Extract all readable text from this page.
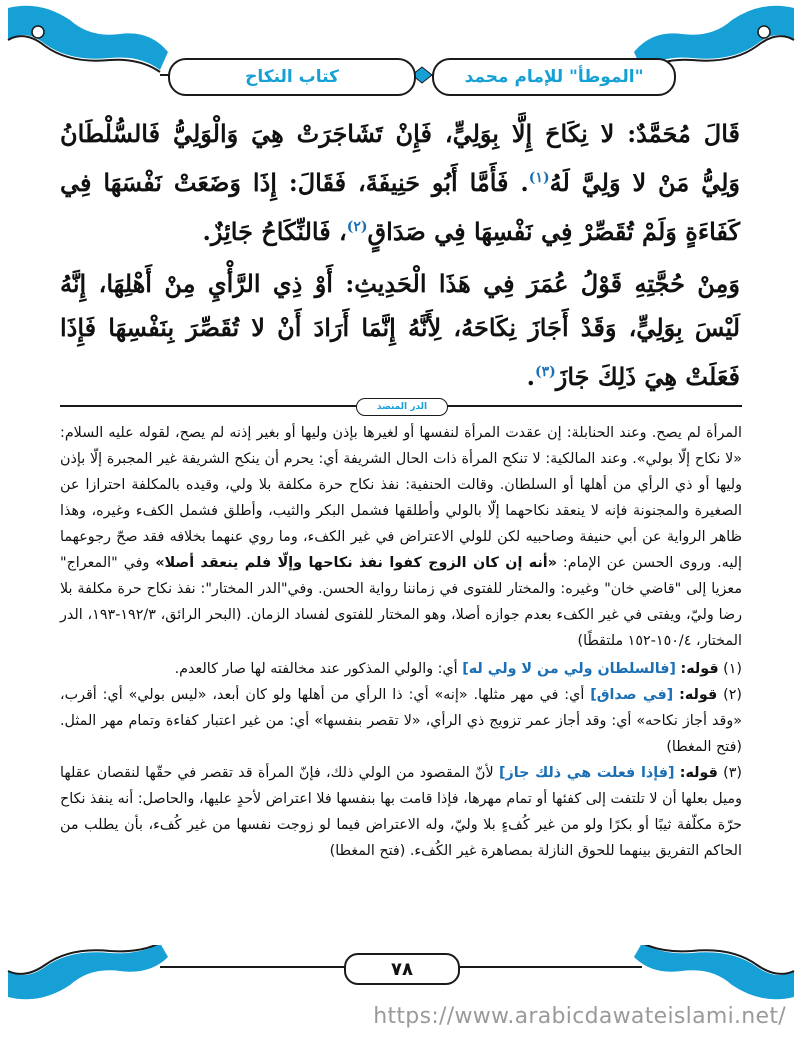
كتاب النكاح	"الموطأ" للإمام محمد

قَالَ مُحَمَّدٌ: لا نِكَاحَ إِلَّا بِوَلِيٍّ، فَإِنْ تَشَاجَرَتْ هِيَ وَالْوَلِيُّ فَالسُّلْطَانُ وَلِيُّ مَنْ لا وَلِيَّ لَهُ$^{(١)}$. فَأَمَّا أَبُو حَنِيفَةَ، فَقَالَ: إِذَا وَضَعَتْ نَفْسَهَا فِي كَفَاءَةٍ وَلَمْ تُقَصِّرْ فِي نَفْسِهَا فِي صَدَاقٍ$^{(٢)}$، فَالنِّكَاحُ جَائِزٌ.

وَمِنْ حُجَّتِهِ قَوْلُ عُمَرَ فِي هَذَا الْحَدِيثِ: أَوْ ذِي الرَّأْيِ مِنْ أَهْلِهَا، إِنَّهُ لَيْسَ بِوَلِيٍّ، وَقَدْ أَجَازَ نِكَاحَهُ، لِأَنَّهُ إِنَّمَا أَرَادَ أَنْ لا تُقَصِّرَ بِنَفْسِهَا فَإِذَا فَعَلَتْ هِيَ ذَلِكَ جَازَ$^{(٣)}$.

الدر المنضد

المرأة لم يصح. وعند الحنابلة: إن عقدت المرأة لنفسها أو لغيرها بإذن وليها أو بغير إذنه لم يصح، لقوله عليه السلام: «لا نكاح إلّا بولي». وعند المالكية: لا تنكح المرأة ذات الحال الشريفة أي: يحرم أن ينكح الشريفة غير المجبرة إلّا بإذن وليها أو ذي الرأي من أهلها أو السلطان. وقالت الحنفية: نفذ نكاح حرة مكلفة بلا ولي، وقيده بالمكلفة احترازا عن الصغيرة والمجنونة فإنه لا ينعقد نكاحهما إلّا بالولي وأطلقها فشمل البكر والثيب، وأطلق فشمل الكفء وغيره، وهذا ظاهر الرواية عن أبي حنيفة وصاحبيه لكن للولي الاعتراض في غير الكفء، وما روي عنهما بخلافه فقد صحّ رجوعهما إليه. وروى الحسن عن الإمام: «أنه إن كان الزوج كفوا نفذ نكاحها وإلّا فلم ينعقد أصلا» وفي "المعراج" معزيا إلى "قاضي خان" وغيره: والمختار للفتوى في زماننا رواية الحسن. وفي"الدر المختار": نفذ نكاح حرة مكلفة بلا رضا وليّ، ويفتى في غير الكفء بعدم جوازه أصلا، وهو المختار للفتوى لفساد الزمان. (البحر الرائق، ١٩٢/٣-١٩٣، الدر المختار، ١٥٠/٤-١٥٢ ملتقطًا)

(١) قوله: [فالسلطان ولي من لا ولي له] أي: والولي المذكور عند مخالفته لها صار كالعدم.

(٢) قوله: [في صداق] أي: في مهر مثلها. «إنه» أي: ذا الرأي من أهلها ولو كان أبعد، «ليس بولي» أي: أقرب، «وقد أجاز نكاحه» أي: وقد أجاز عمر تزويج ذي الرأي، «لا تقصر بنفسها» أي: من غير اعتبار كفاءة وتمام مهر المثل. (فتح المغطا)

(٣) قوله: [فإذا فعلت هي ذلك جاز] لأنّ المقصود من الولي ذلك، فإنّ المرأة قد تقصر في حقّها لنقصان عقلها وميل بعلها أن لا تلتفت إلى كفئها أو تمام مهرها، فإذا قامت بها بنفسها فلا اعتراض لأحدٍ عليها، والحاصل: أنه ينفذ نكاح حرّة مكلّفة ثيبًا أو بكرًا ولو من غير كُفءٍ بلا وليّ، وله الاعتراض فيما لو زوجت نفسها من غير كُفء، بأن يطلب من الحاكم التفريق بينهما للحوق النازلة بمصاهرة غير الكُفء. (فتح المغطا)

٧٨
https://www.arabicdawateislami.net/
